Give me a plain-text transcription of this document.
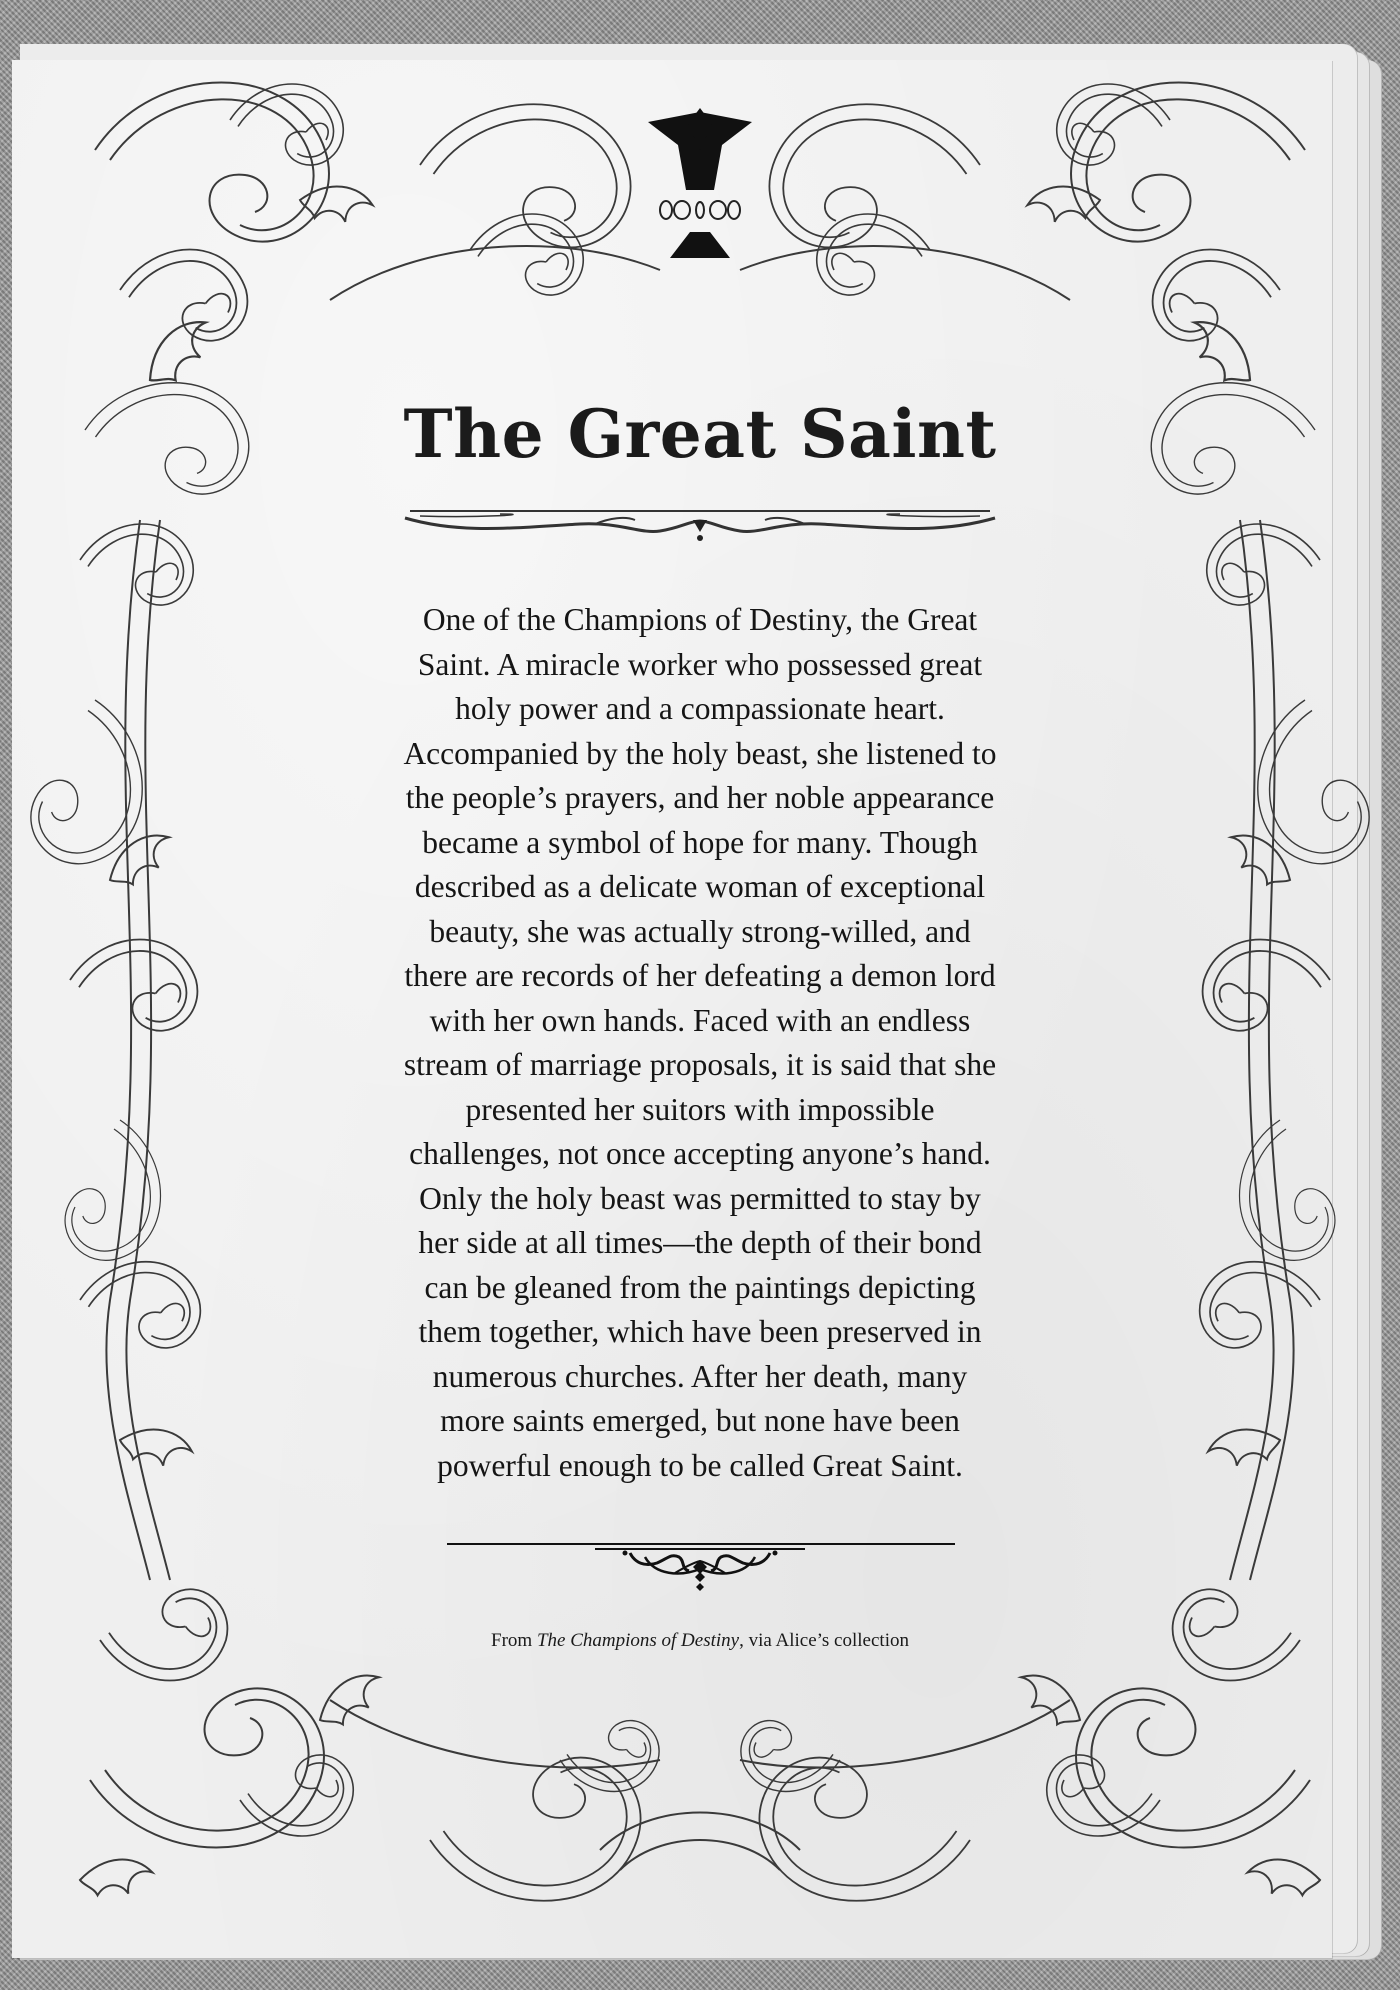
The Great Saint

One of the Champions of Destiny, the Great
Saint. A miracle worker who possessed great
holy power and a compassionate heart.
Accompanied by the holy beast, she listened to
the people’s prayers, and her noble appearance
became a symbol of hope for many. Though
described as a delicate woman of exceptional
beauty, she was actually strong-willed, and
there are records of her defeating a demon lord
with her own hands. Faced with an endless
stream of marriage proposals, it is said that she
presented her suitors with impossible
challenges, not once accepting anyone’s hand.
Only the holy beast was permitted to stay by
her side at all times—the depth of their bond
can be gleaned from the paintings depicting
them together, which have been preserved in
numerous churches. After her death, many
more saints emerged, but none have been
powerful enough to be called Great Saint.

From The Champions of Destiny, via Alice’s collection
